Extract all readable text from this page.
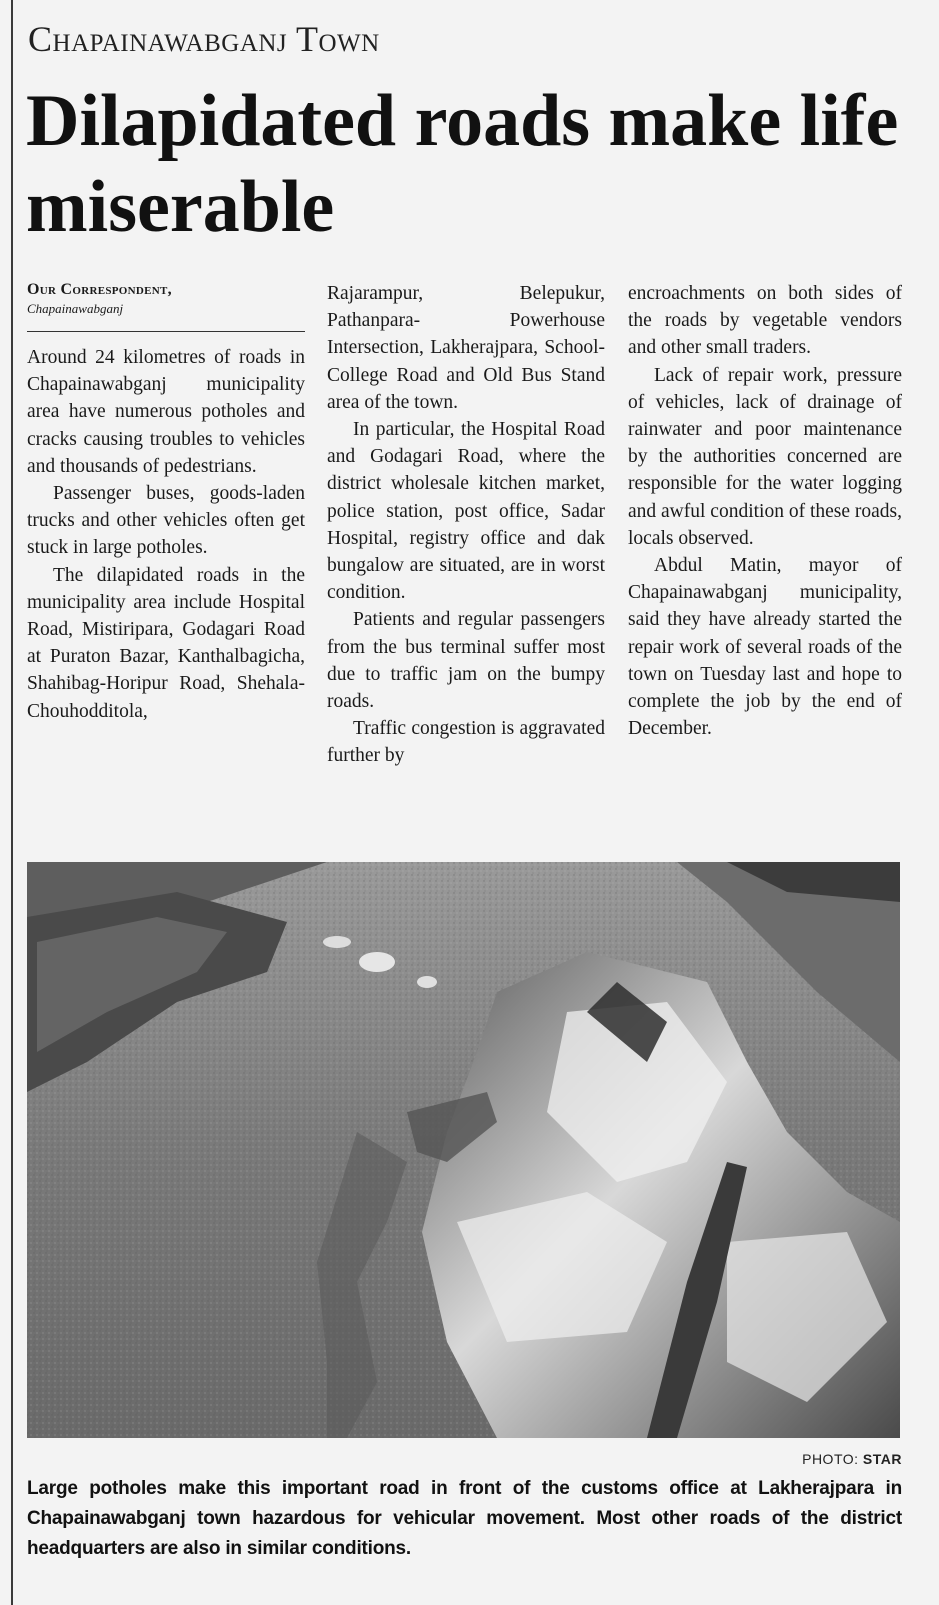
Chapainawabganj Town
Dilapidated roads make life miserable
Our Correspondent,
Chapainawabganj

Around 24 kilometres of roads in Chapainawabganj municipality area have numerous potholes and cracks causing troubles to vehicles and thousands of pedestrians.

Passenger buses, goods-laden trucks and other vehicles often get stuck in large potholes.

The dilapidated roads in the municipality area include Hospital Road, Mistiripara, Godagari Road at Puraton Bazar, Kanthalbagicha, Shahibag-Horipur Road, Shehala-Chouhodditola,

Rajarampur, Belepukur, Pathanpara- Powerhouse Intersection, Lakherajpara, School- College Road and Old Bus Stand area of the town.

In particular, the Hospital Road and Godagari Road, where the district wholesale kitchen market, police station, post office, Sadar Hospital, registry office and dak bungalow are situated, are in worst condition.

Patients and regular passengers from the bus terminal suffer most due to traffic jam on the bumpy roads.

Traffic congestion is aggravated further by

encroachments on both sides of the roads by vegetable vendors and other small traders.

Lack of repair work, pressure of vehicles, lack of drainage of rainwater and poor maintenance by the authorities concerned are responsible for the water logging and awful condition of these roads, locals observed.

Abdul Matin, mayor of Chapainawabganj municipality, said they have already started the repair work of several roads of the town on Tuesday last and hope to complete the job by the end of December.

PHOTO: STAR
Large potholes make this important road in front of the customs office at Lakherajpara in Chapainawabganj town hazardous for vehicular movement. Most other roads of the district headquarters are also in similar conditions.
